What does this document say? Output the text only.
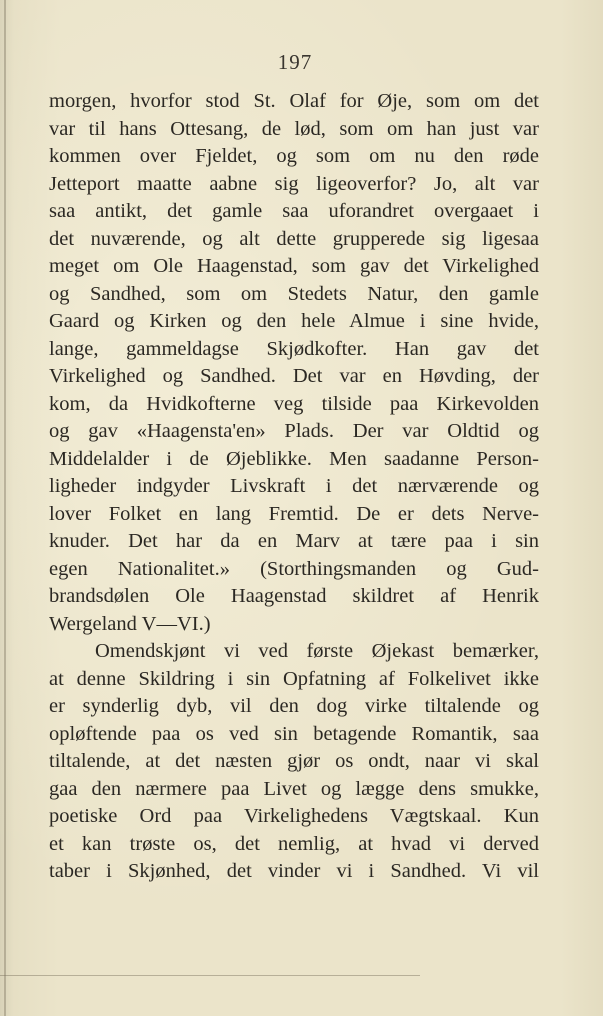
197
morgen, hvorfor stod St. Olaf for Øje, som om det
var til hans Ottesang, de lød, som om han just var
kommen over Fjeldet, og som om nu den røde
Jetteport maatte aabne sig ligeoverfor? Jo, alt var
saa antikt, det gamle saa uforandret overgaaet i
det nuværende, og alt dette grupperede sig ligesaa
meget om Ole Haagenstad, som gav det Virkelighed
og Sandhed, som om Stedets Natur, den gamle
Gaard og Kirken og den hele Almue i sine hvide,
lange, gammeldagse Skjødkofter. Han gav det
Virkelighed og Sandhed. Det var en Høvding, der
kom, da Hvidkofterne veg tilside paa Kirkevolden
og gav «Haagensta'en» Plads. Der var Oldtid og
Middelalder i de Øjeblikke. Men saadanne Person-
ligheder indgyder Livskraft i det nærværende og
lover Folket en lang Fremtid. De er dets Nerve-
knuder. Det har da en Marv at tære paa i sin
egen Nationalitet.» (Storthingsmanden og Gud-
brandsdølen Ole Haagenstad skildret af Henrik
Wergeland V—VI.)
Omendskjønt vi ved første Øjekast bemærker,
at denne Skildring i sin Opfatning af Folkelivet ikke
er synderlig dyb, vil den dog virke tiltalende og
opløftende paa os ved sin betagende Romantik, saa
tiltalende, at det næsten gjør os ondt, naar vi skal
gaa den nærmere paa Livet og lægge dens smukke,
poetiske Ord paa Virkelighedens Vægtskaal. Kun
et kan trøste os, det nemlig, at hvad vi derved
taber i Skjønhed, det vinder vi i Sandhed. Vi vil
